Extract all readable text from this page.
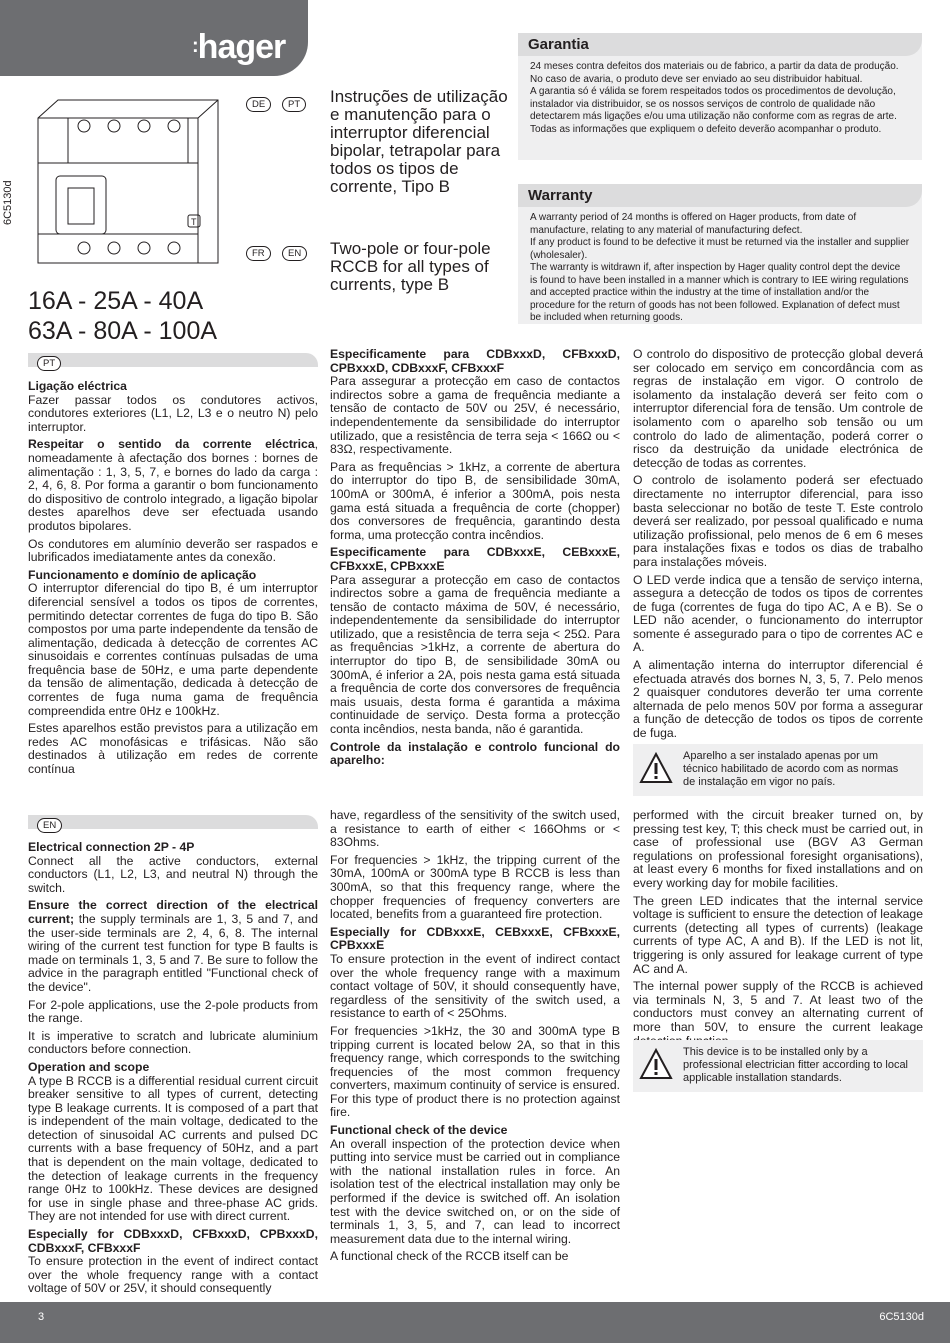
:hager
6C5130d	T
DE	PT
FR	EN
16A - 25A - 40A
63A - 80A - 100A
Instruções de utilização e manutenção para o interruptor diferencial bipolar, tetrapolar para todos os tipos de corrente, Tipo B
Two-pole or four-pole RCCB for all types of currents, type B
Garantia
24 meses contra defeitos dos materiais ou de fabrico, a partir da data de produção. No caso de avaria, o produto deve ser enviado ao seu distribuidor habitual.
A garantia só é válida se forem respeitados todos os procedimentos de devolução, instalador via distribuidor, se os nossos serviços de controlo de qualidade não detectarem más ligações e/ou uma utilização não conforme com as regras de arte. Todas as informações que expliquem o defeito deverão acompanhar o produto.
Warranty
A warranty period of 24 months is offered on Hager products, from date of manufacture, relating to any material of manufacturing defect.
If any product is found to be defective it must be returned via the installer and supplier (wholesaler).
The warranty is witdrawn if, after inspection by Hager quality control dept the device is found to have been installed in a manner which is contrary to IEE wiring regulations and accepted practice within the industry at the time of installation and/or the procedure for the return of goods has not been followed. Explanation of defect must be included when returning goods.
PT

Ligação eléctrica

Fazer passar todos os condutores activos, condutores exteriores (L1, L2, L3 e o neutro N) pelo interruptor.

Respeitar o sentido da corrente eléctrica, nomeadamente à afectação dos bornes : bornes de alimentação : 1, 3, 5, 7, e bornes do lado da carga : 2, 4, 6, 8. Por forma a garantir o bom funcionamento do dispositivo de controlo integrado, a ligação bipolar destes aparelhos deve ser efectuada usando produtos bipolares.

Os condutores em alumínio deverão ser raspados e lubrificados imediatamente antes da conexão.

Funcionamento e domínio de aplicação

O interruptor diferencial do tipo B, é um interruptor diferencial sensível a todos os tipos de correntes, permitindo detectar correntes de fuga do tipo B. São compostos por uma parte independente da tensão de alimentação, dedicada à detecção de correntes AC sinusoidais e correntes contínuas pulsadas de uma frequência base de 50Hz, e uma parte dependente da tensão de alimentação, dedicada à detecção de correntes de fuga numa gama de frequência compreendida entre 0Hz e 100kHz.

Estes aparelhos estão previstos para a utilização em redes AC monofásicas e trifásicas. Não são destinados à utilização em redes de corrente contínua

Especificamente para CDBxxxD, CFBxxxD, CPBxxxD, CDBxxxF, CFBxxxF

Para assegurar a protecção em caso de contactos indirectos sobre a gama de frequência mediante a tensão de contacto de 50V ou 25V, é necessário, independentemente da sensibilidade do interruptor utilizado, que a resistência de terra seja < 166Ω ou < 83Ω, respectivamente.

Para as frequências > 1kHz, a corrente de abertura do interruptor do tipo B, de sensibilidade 30mA, 100mA or 300mA, é inferior a 300mA, pois nesta gama está situada a frequência de corte (chopper) dos conversores de frequência, garantindo desta forma, uma protecção contra incêndios.

Especificamente para CDBxxxE, CEBxxxE, CFBxxxE, CPBxxxE

Para assegurar a protecção em caso de contactos indirectos sobre a gama de frequência mediante a tensão de contacto máxima de 50V, é necessário, independentemente da sensibilidade do interruptor utilizado, que a resistência de terra seja < 25Ω. Para as frequências >1kHz, a corrente de abertura do interruptor do tipo B, de sensibilidade 30mA ou 300mA, é inferior a 2A, pois nesta gama está situada a frequência de corte dos conversores de frequência mais usuais, desta forma é garantida a máxima continuidade de serviço. Desta forma a protecção conta incêndios, nesta banda, não é garantida.

Controle da instalação e controlo funcional do aparelho:

O controlo do dispositivo de protecção global deverá ser colocado em serviço em concordância com as regras de instalação em vigor. O controlo de isolamento da instalação deverá ser feito com o interruptor diferencial fora de tensão. Um controle de isolamento com o aparelho sob tensão ou um controlo do lado de alimentação, poderá correr o risco da destruição da unidade electrónica de detecção de todas as correntes.

O controlo de isolamento poderá ser efectuado directamente no interruptor diferencial, para isso basta seleccionar no botão de teste T. Este controlo deverá ser realizado, por pessoal qualificado e numa utilização profissional, pelo menos de 6 em 6 meses para instalações fixas e todos os dias de trabalho para instalações móveis.

O LED verde indica que a tensão de serviço interna, assegura a detecção de todos os tipos de correntes de fuga (correntes de fuga do tipo AC, A e B). Se o LED não acender, o funcionamento do interruptor somente é assegurado para o tipo de correntes AC e A.

A alimentação interna do interruptor diferencial é efectuada através dos bornes N, 3, 5, 7. Pelo menos 2 quaisquer condutores deverão ter uma corrente alternada de pelo menos 50V por forma a assegurar a função de detecção de todos os tipos de corrente de fuga.

Aparelho a ser instalado apenas por um técnico habilitado de acordo com as normas de instalação em vigor no país.
EN

Electrical connection 2P - 4P

Connect all the active conductors, external conductors (L1, L2, L3, and neutral N) through the switch.

Ensure the correct direction of the electrical current; the supply terminals are 1, 3, 5 and 7, and the user-side terminals are 2, 4, 6, 8. The internal wiring of the current test function for type B faults is made on terminals 1, 3, 5 and 7. Be sure to follow the advice in the paragraph entitled "Functional check of the device".

For 2-pole applications, use the 2-pole products from the range.

It is imperative to scratch and lubricate aluminium conductors before connection.

Operation and scope

A type B RCCB is a differential residual current circuit breaker sensitive to all types of current, detecting type B leakage currents. It is composed of a part that is independent of the main voltage, dedicated to the detection of sinusoidal AC currents and pulsed DC currents with a base frequency of 50Hz, and a part that is dependent on the main voltage, dedicated to the detection of leakage currents in the frequency range 0Hz to 100kHz. These devices are designed for use in single phase and three-phase AC grids. They are not intended for use with direct current.

Especially for CDBxxxD, CFBxxxD, CPBxxxD, CDBxxxF, CFBxxxF

To ensure protection in the event of indirect contact over the whole frequency range with a contact voltage of 50V or 25V, it should consequently

have, regardless of the sensitivity of the switch used, a resistance to earth of either < 166Ohms or < 83Ohms.

For frequencies > 1kHz, the tripping current of the 30mA, 100mA or 300mA type B RCCB is less than 300mA, so that this frequency range, where the chopper frequencies of frequency converters are located, benefits from a guaranteed fire protection.

Especially for CDBxxxE, CEBxxxE, CFBxxxE, CPBxxxE

To ensure protection in the event of indirect contact over the whole frequency range with a maximum contact voltage of 50V, it should consequently have, regardless of the sensitivity of the switch used, a resistance to earth of < 25Ohms.

For frequencies >1kHz, the 30 and 300mA type B tripping current is located below 2A, so that in this frequency range, which corresponds to the switching frequencies of the most common frequency converters, maximum continuity of service is ensured. For this type of product there is no protection against fire.

Functional check of the device

An overall inspection of the protection device when putting into service must be carried out in compliance with the national installation rules in force. An isolation test of the electrical installation may only be performed if the device is switched off. An isolation test with the device switched on, or on the side of terminals 1, 3, 5, and 7, can lead to incorrect measurement data due to the internal wiring.

A functional check of the RCCB itself can be

performed with the circuit breaker turned on, by pressing test key, T; this check must be carried out, in case of professional use (BGV A3 German regulations on professional foresight organisations), at least every 6 months for fixed installations and on every working day for mobile facilities.

The green LED indicates that the internal service voltage is sufficient to ensure the detection of leakage currents (detecting all types of currents) (leakage currents of type AC, A and B). If the LED is not lit, triggering is only assured for leakage current of type AC and A.

The internal power supply of the RCCB is achieved via terminals N, 3, 5 and 7. At least two of the conductors must convey an alternating current of more than 50V, to ensure the current leakage

This device is to be installed only by a professional electrician fitter according to local applicable installation standards.
3	6C5130d
